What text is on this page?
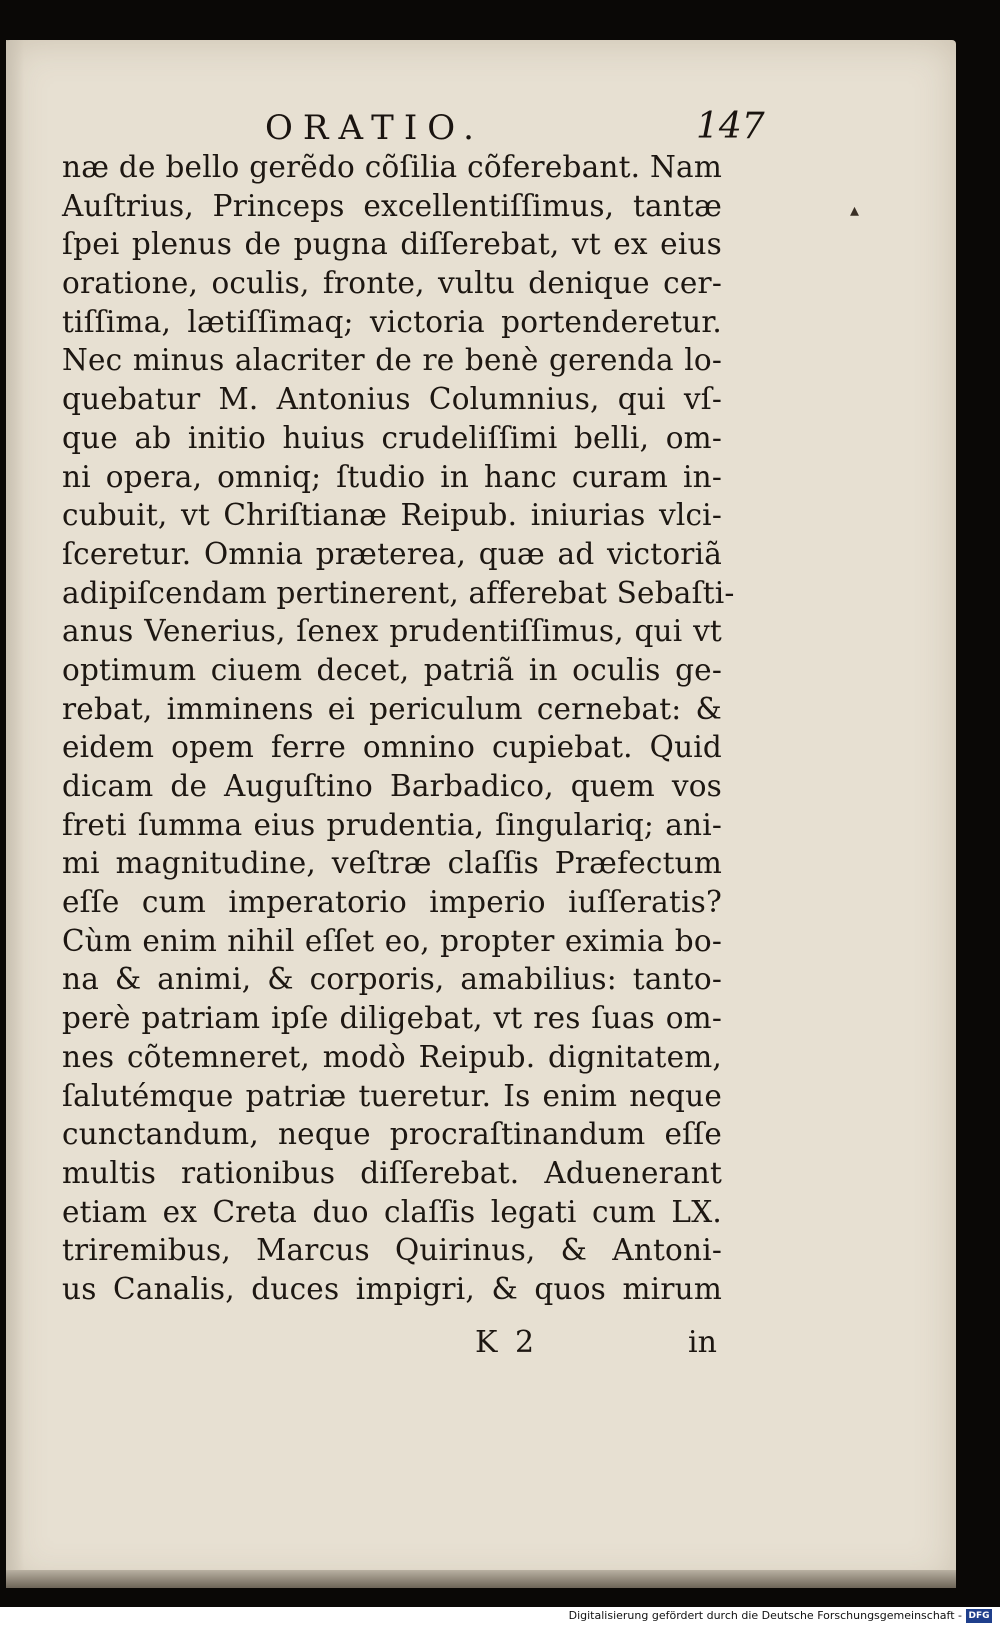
ORATIO.	147
▴
næ de bello gerẽdo cõſilia cõferebant. Nam
Auſtrius, Princeps excellentiſſimus, tantæ
ſpei plenus de pugna diſſerebat, vt ex eius
oratione, oculis, fronte, vultu denique cer-
tiſſima, lætiſſimaq; victoria portenderetur.
Nec minus alacriter de re benè gerenda lo-
quebatur M. Antonius Columnius, qui vſ-
que ab initio huius crudeliſſimi belli, om-
ni opera, omniq; ſtudio in hanc curam in-
cubuit, vt Chriſtianæ Reipub. iniurias vlci-
ſceretur. Omnia præterea, quæ ad victoriã
adipiſcendam pertinerent, afferebat Sebaſti-
anus Venerius, ſenex prudentiſſimus, qui vt
optimum ciuem decet, patriã in oculis ge-
rebat, imminens ei periculum cernebat: &
eidem opem ferre omnino cupiebat. Quid
dicam de Auguſtino Barbadico, quem vos
freti ſumma eius prudentia, ſingulariq; ani-
mi magnitudine, veſtræ claſſis Præfectum
eſſe cum imperatorio imperio iuſſeratis?
Cùm enim nihil eſſet eo, propter eximia bo-
na & animi, & corporis, amabilius: tanto-
perè patriam ipſe diligebat, vt res ſuas om-
nes cõtemneret, modò Reipub. dignitatem,
ſalutémque patriæ tueretur. Is enim neque
cunctandum, neque procraſtinandum eſſe
multis rationibus diſſerebat. Aduenerant
etiam ex Creta duo claſſis legati cum LX.
triremibus, Marcus Quirinus, & Antoni-
us Canalis, duces impigri, & quos mirum
K 2	in
Digitalisierung gefördert durch die Deutsche Forschungsgemeinschaft - DFG
